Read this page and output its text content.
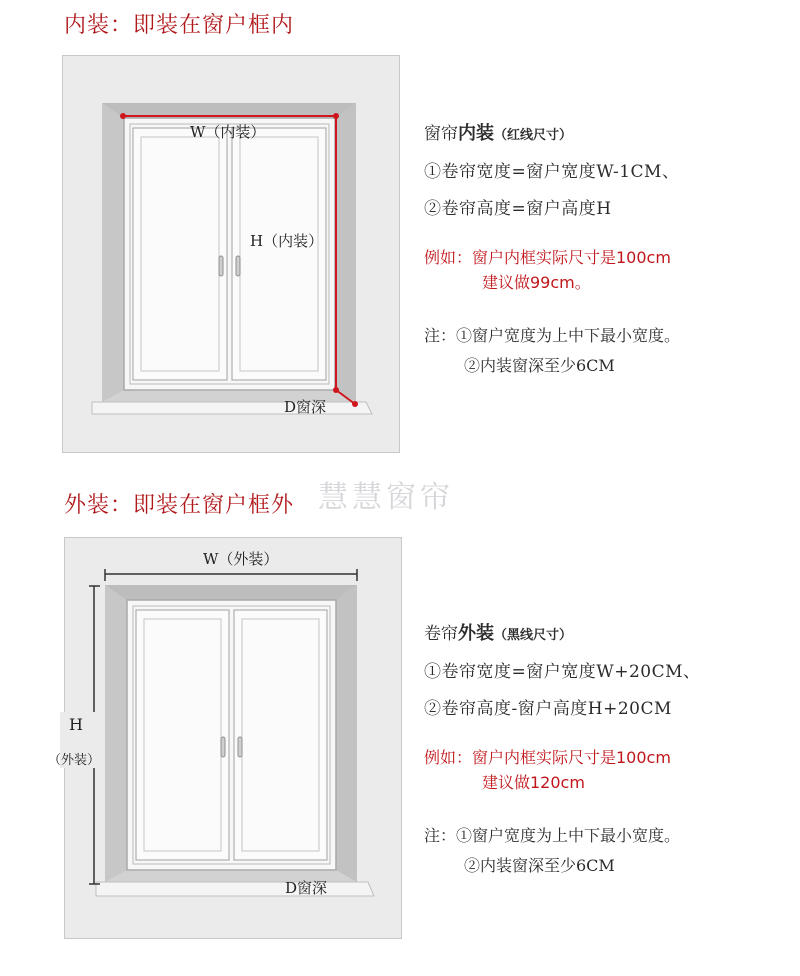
内装：即装在窗户框内
W（内装）
H（内装）
D窗深
窗帘内装（红线尺寸）
①卷帘宽度=窗户宽度W-1CM、
②卷帘高度=窗户高度H
例如：窗户内框实际尺寸是100cm
建议做99cm。
注：①窗户宽度为上中下最小宽度。
②内装窗深至少6CM
慧慧窗帘
外装：即装在窗户框外
W（外装）
H
（外装）
D窗深
卷帘外装（黑线尺寸）
①卷帘宽度=窗户宽度W+20CM、
②卷帘高度-窗户高度H+20CM
例如：窗户内框实际尺寸是100cm
建议做120cm
注：①窗户宽度为上中下最小宽度。
②内装窗深至少6CM
